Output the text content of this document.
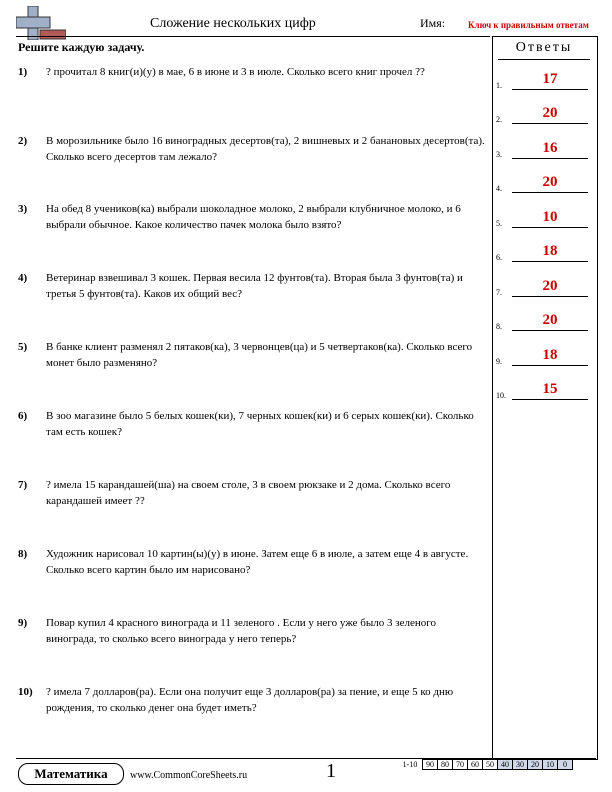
Сложение нескольких цифр	Имя:	Ключ к правильным ответам
Решите каждую задачу.	Ответы
1)	? прочитал 8 книг(и)(у) в мае, 6 в июне и 3 в июле. Сколько всего книг прочел ??
2)	В морозильнике было 16 виноградных десертов(та), 2 вишневых и 2 банановых десертов(та). Сколько всего десертов там лежало?
3)	На обед 8 учеников(ка) выбрали шоколадное молоко, 2 выбрали клубничное молоко, и 6 выбрали обычное. Какое количество пачек молока было взято?
4)	Ветеринар взвешивал 3 кошек. Первая весила 12 фунтов(та). Вторая была 3 фунтов(та) и третья 5 фунтов(та). Каков их общий вес?
5)	В банке клиент разменял 2 пятаков(ка), 3 червонцев(ца) и 5 четвертаков(ка). Сколько всего монет было разменяно?
6)	В зоо магазине было 5 белых кошек(ки), 7 черных кошек(ки) и 6 серых кошек(ки). Сколько там есть кошек?
7)	? имела 15 карандашей(ша) на своем столе, 3 в своем рюкзаке и 2 дома. Сколько всего карандашей имеет ??
8)	Художник нарисовал 10 картин(ы)(у) в июне. Затем еще 6 в июле, а затем еще 4 в августе. Сколько всего картин было им нарисовано?
9)	Повар купил 4 красного винограда и 11 зеленого . Если у него уже было 3 зеленого винограда, то сколько всего винограда у него теперь?
10)	? имела 7 долларов(ра). Если она получит еще 3 долларов(ра) за пение, и еще 5 ко дню рождения, то сколько денег она будет иметь?
1.	17
2.	20
3.	16
4.	20
5.	10
6.	18
7.	20
8.	20
9.	18
10.	15
Математика	www.CommonCoreSheets.ru	1	1-10	90	80	70	60	50	40	30	20	10	0
